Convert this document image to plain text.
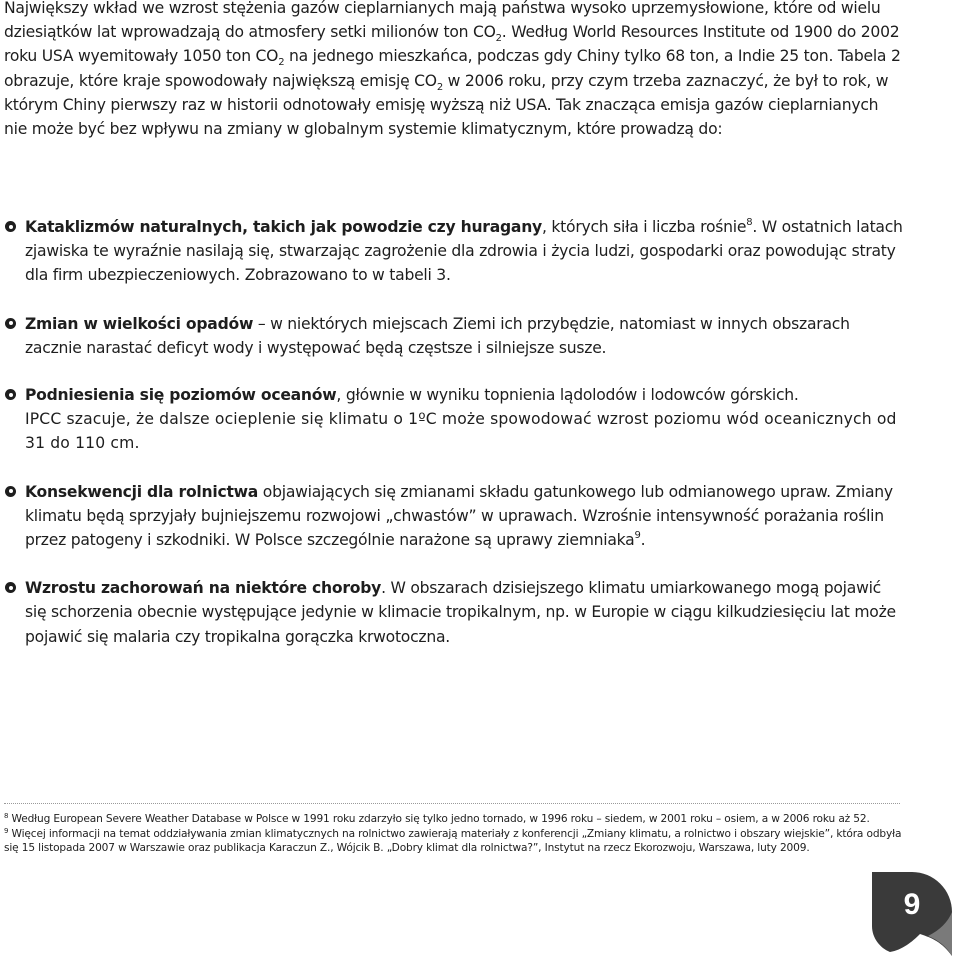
Największy wkład we wzrost stężenia gazów cieplarnianych mają państwa wysoko uprzemysłowione, które od wielu dziesiątków lat wprowadzają do atmosfery setki milionów ton $CO_2$. Według World Resources Institute od 1900 do 2002 roku USA wyemitowały 1050 ton $CO_2$ na jednego mieszkańca, podczas gdy Chiny tylko 68 ton, a Indie 25 ton. Tabela 2 obrazuje, które kraje spowodowały największą emisję $CO_2$ w 2006 roku, przy czym trzeba zaznaczyć, że był to rok, w którym Chiny pierwszy raz w historii odnotowały emisję wyższą niż USA. Tak znacząca emisja gazów cieplarnianych nie może być bez wpływu na zmiany w globalnym systemie klimatycznym, które prowadzą do:

Kataklizmów naturalnych, takich jak powodzie czy huragany, których siła i liczba rośnie$^8$. W ostatnich latach zjawiska te wyraźnie nasilają się, stwarzając zagrożenie dla zdrowia i życia ludzi, gospodarki oraz powodując straty dla firm ubezpieczeniowych. Zobrazowano to w tabeli 3.
Zmian w wielkości opadów – w niektórych miejscach Ziemi ich przybędzie, natomiast w innych obszarach zacznie narastać deficyt wody i występować będą częstsze i silniejsze susze.
Podniesienia się poziomów oceanów, głównie w wyniku topnienia lądolodów i lodowców górskich.
IPCC szacuje, że dalsze ocieplenie się klimatu o 1ºC może spowodować wzrost poziomu wód oceanicznych od 31 do 110 cm.
Konsekwencji dla rolnictwa objawiających się zmianami składu gatunkowego lub odmianowego upraw. Zmiany klimatu będą sprzyjały bujniejszemu rozwojowi „chwastów” w uprawach. Wzrośnie intensywność porażania roślin przez patogeny i szkodniki. W Polsce szczególnie narażone są uprawy ziemniaka$^9$.
Wzrostu zachorowań na niektóre choroby. W obszarach dzisiejszego klimatu umiarkowanego mogą pojawić się schorzenia obecnie występujące jedynie w klimacie tropikalnym, np. w Europie w ciągu kilkudziesięciu lat może pojawić się malaria czy tropikalna gorączka krwotoczna.

$^8$ Według European Severe Weather Database w Polsce w 1991 roku zdarzyło się tylko jedno tornado, w 1996 roku – siedem, w 2001 roku – osiem, a w 2006 roku aż 52.

$^9$ Więcej informacji na temat oddziaływania zmian klimatycznych na rolnictwo zawierają materiały z konferencji „Zmiany klimatu, a rolnictwo i obszary wiejskie”, która odbyła się 15 listopada 2007 w Warszawie oraz publikacja Karaczun Z., Wójcik B. „Dobry klimat dla rolnictwa?”, Instytut na rzecz Ekorozwoju, Warszawa, luty 2009.

9
